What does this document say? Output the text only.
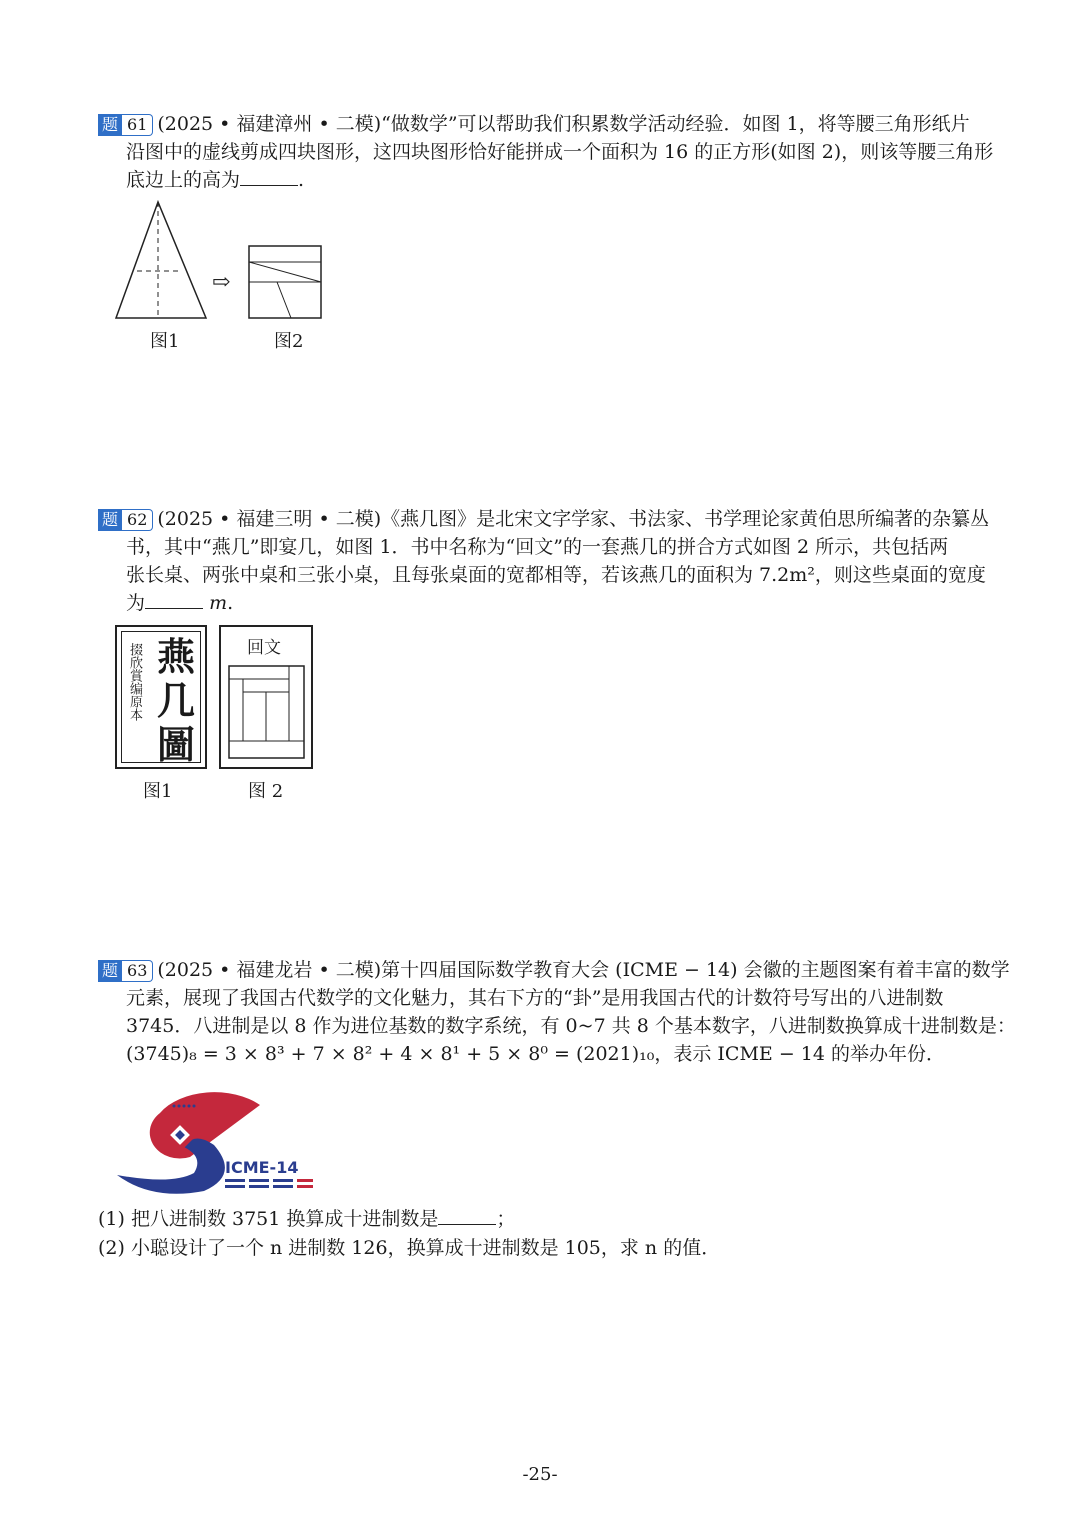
题 61 (2025 • 福建漳州 • 二模)“做数学”可以帮助我们积累数学活动经验．如图 1，将等腰三角形纸片
沿图中的虚线剪成四块图形，这四块图形恰好能拼成一个面积为 16 的正方形(如图 2)，则该等腰三角形
底边上的高为	.
⇨
图1	图2
题 62 (2025 • 福建三明 • 二模)《燕几图》是北宋文字学家、书法家、书学理论家黄伯思所编著的杂纂丛
书，其中“燕几”即宴几，如图 1．书中名称为“回文”的一套燕几的拼合方式如图 2 所示，共包括两
张长桌、两张中桌和三张小桌，且每张桌面的宽都相等，若该燕几的面积为 7.2m²，则这些桌面的宽度
为	m.
掇欣賞编原本 燕
几
圖
回文
图1	图 2
题 63 (2025 • 福建龙岩 • 二模)第十四届国际数学教育大会 (ICME − 14) 会徽的主题图案有着丰富的数学
元素，展现了我国古代数学的文化魅力，其右下方的“卦”是用我国古代的计数符号写出的八进制数
3745．八进制是以 8 作为进位基数的数字系统，有 0~7 共 8 个基本数字，八进制数换算成十进制数是：
(3745)₈ = 3 × 8³ + 7 × 8² + 4 × 8¹ + 5 × 8⁰ = (2021)₁₀，表示 ICME − 14 的举办年份．
ICME-14
(1) 把八进制数 3751 换算成十进制数是	；
(2) 小聪设计了一个 n 进制数 126，换算成十进制数是 105，求 n 的值．
-25-
